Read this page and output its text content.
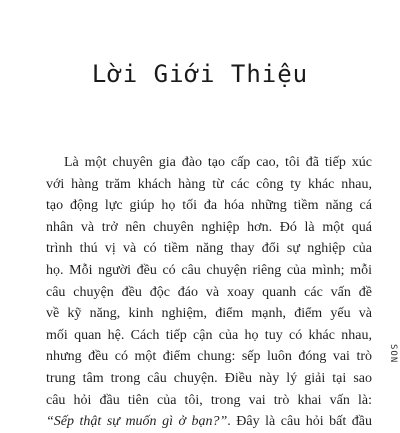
Lời Giới Thiệu
Là một chuyên gia đào tạo cấp cao, tôi đã tiếp xúc
với hàng trăm khách hàng từ các công ty khác nhau,
tạo động lực giúp họ tối đa hóa những tiềm năng cá
nhân và trở nên chuyên nghiệp hơn. Đó là một quá
trình thú vị và có tiềm năng thay đổi sự nghiệp của
họ. Mỗi người đều có câu chuyện riêng của mình; mỗi
câu chuyện đều độc đáo và xoay quanh các vấn đề
về kỹ năng, kinh nghiệm, điểm mạnh, điểm yếu và
mối quan hệ. Cách tiếp cận của họ tuy có khác nhau,
nhưng đều có một điểm chung: sếp luôn đóng vai trò
trung tâm trong câu chuyện. Điều này lý giải tại sao
câu hỏi đầu tiên của tôi, trong vai trò khai vấn là:
“Sếp thật sự muốn gì ở bạn?”. Đây là câu hỏi bất đầu
SON
